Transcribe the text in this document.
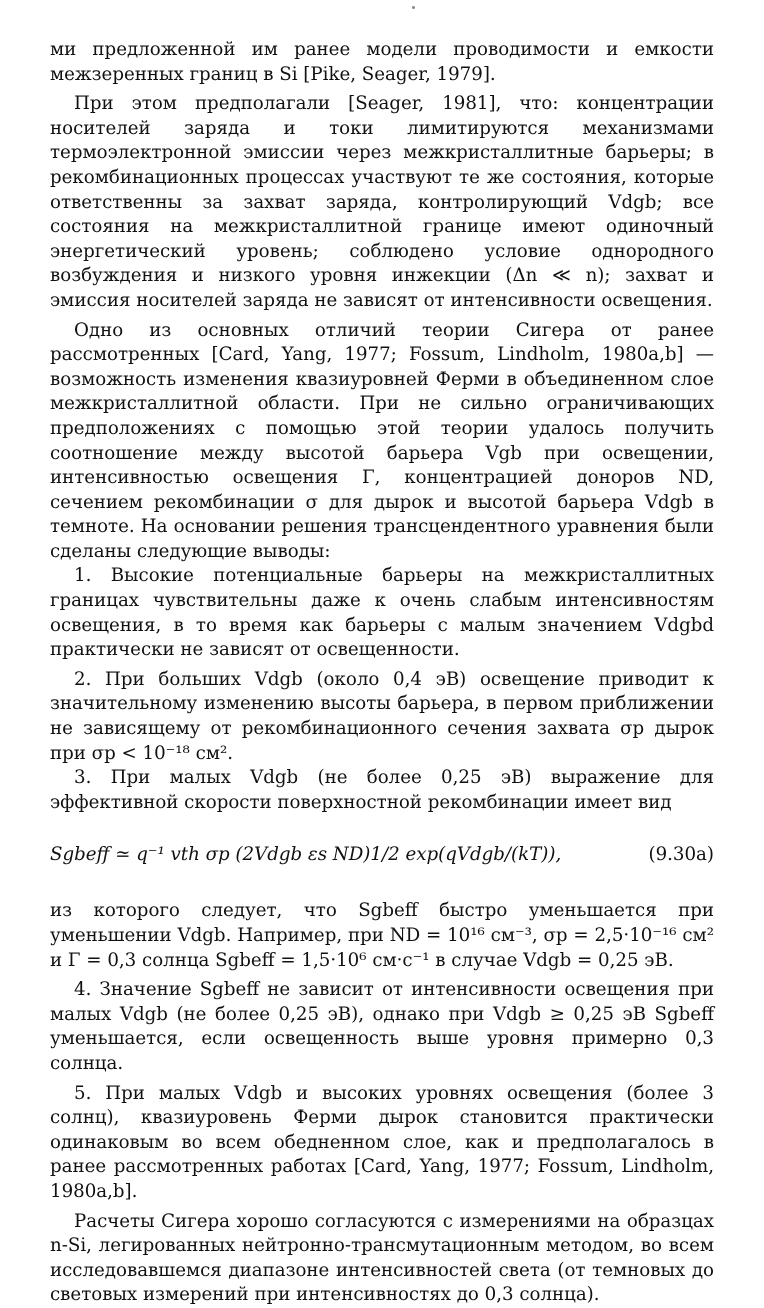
ми предложенной им ранее модели проводимости и емкости межзеренных границ в Si [Pike, Seager, 1979].

При этом предполагали [Seager, 1981], что: концентрации носителей заряда и токи лимитируются механизмами термоэлектронной эмиссии через межкристаллитные барьеры; в рекомбинационных процессах участвуют те же состояния, которые ответственны за захват заряда, контролирующий Vdgb; все состояния на межкристаллитной границе имеют одиночный энергетический уровень; соблюдено условие однородного возбуждения и низкого уровня инжекции (Δn ≪ n); захват и эмиссия носителей заряда не зависят от интенсивности освещения.

Одно из основных отличий теории Сигера от ранее рассмотренных [Card, Yang, 1977; Fossum, Lindholm, 1980a,b] — возможность изменения квазиуровней Ферми в объединенном слое межкристаллитной области. При не сильно ограничивающих предположениях с помощью этой теории удалось получить соотношение между высотой барьера Vgb при освещении, интенсивностью освещения Γ, концентрацией доноров ND, сечением рекомбинации σ для дырок и высотой барьера Vdgb в темноте. На основании решения трансцендентного уравнения были сделаны следующие выводы:

1. Высокие потенциальные барьеры на межкристаллитных границах чувствительны даже к очень слабым интенсивностям освещения, в то время как барьеры с малым значением Vdgbd практически не зависят от освещенности.

2. При больших Vdgb (около 0,4 эВ) освещение приводит к значительному изменению высоты барьера, в первом приближении не зависящему от рекомбинационного сечения захвата σp дырок при σp < 10⁻¹⁸ см².

3. При малых Vdgb (не более 0,25 эВ) выражение для эффективной скорости поверхностной рекомбинации имеет вид

Sgbeff ≃ q⁻¹ vth σp (2Vdgb εs ND)1/2 exp(qVdgb/(kT)),	(9.30a)

из которого следует, что Sgbeff быстро уменьшается при уменьшении Vdgb. Например, при ND = 10¹⁶ см⁻³, σp = 2,5·10⁻¹⁶ см² и Γ = 0,3 солнца Sgbeff = 1,5·10⁶ см·с⁻¹ в случае Vdgb = 0,25 эВ.

4. Значение Sgbeff не зависит от интенсивности освещения при малых Vdgb (не более 0,25 эВ), однако при Vdgb ≥ 0,25 эВ Sgbeff уменьшается, если освещенность выше уровня примерно 0,3 солнца.

5. При малых Vdgb и высоких уровнях освещения (более 3 солнц), квазиуровень Ферми дырок становится практически одинаковым во всем обедненном слое, как и предполагалось в ранее рассмотренных работах [Card, Yang, 1977; Fossum, Lindholm, 1980a,b].

Расчеты Сигера хорошо согласуются с измерениями на образцах n-Si, легированных нейтронно-трансмутационным методом, во всем исследовавшемся диапазоне интенсивностей света (от темновых до световых измерений при интенсивностях до 0,3 солнца).
